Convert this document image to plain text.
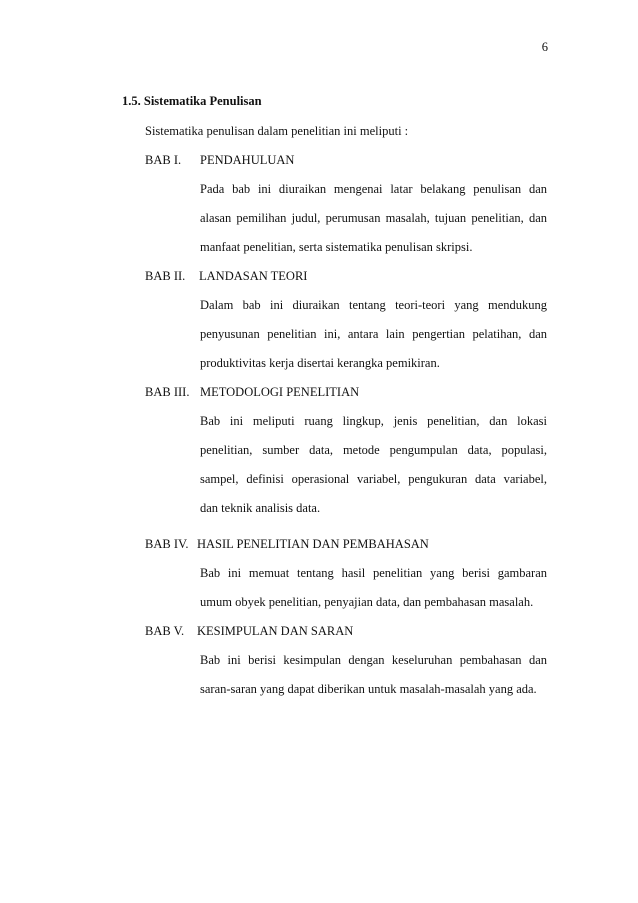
6
1.5. Sistematika Penulisan
Sistematika penulisan dalam penelitian ini meliputi :
BAB I. PENDAHULUAN
Pada bab ini diuraikan mengenai latar belakang penulisan dan
alasan pemilihan judul, perumusan masalah, tujuan penelitian, dan
manfaat penelitian, serta sistematika penulisan skripsi.
BAB II. LANDASAN TEORI
Dalam bab ini diuraikan tentang teori-teori yang mendukung
penyusunan penelitian ini, antara lain pengertian pelatihan, dan
produktivitas kerja disertai kerangka pemikiran.
BAB III. METODOLOGI PENELITIAN
Bab ini meliputi ruang lingkup, jenis penelitian, dan lokasi
penelitian, sumber data, metode pengumpulan data, populasi,
sampel, definisi operasional variabel, pengukuran data variabel,
dan teknik analisis data.
BAB IV. HASIL PENELITIAN DAN PEMBAHASAN
Bab ini memuat tentang hasil penelitian yang berisi gambaran
umum obyek penelitian, penyajian data, dan pembahasan masalah.
BAB V. KESIMPULAN DAN SARAN
Bab ini berisi kesimpulan dengan keseluruhan pembahasan dan
saran-saran yang dapat diberikan untuk masalah-masalah yang ada.
